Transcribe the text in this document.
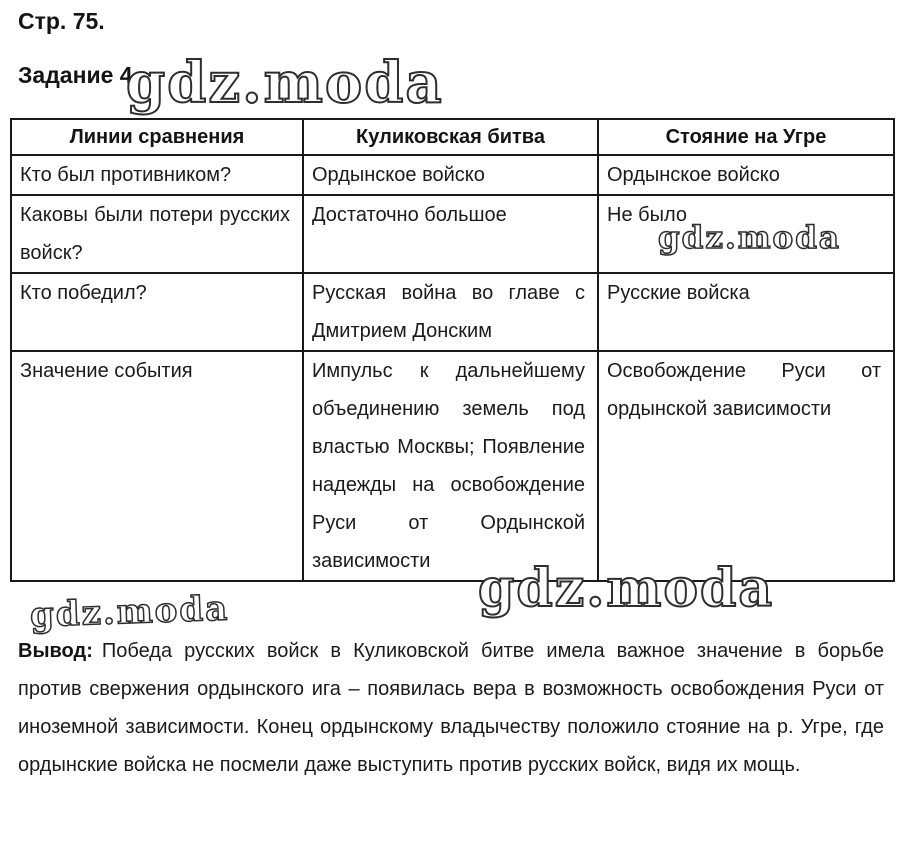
Стр. 75.
Задание 4.
gdz.moda
gdz.moda
gdz.moda
gdz.moda
Линии сравнения	Куликовская битва	Стояние на Угре
Кто был противником?	Ордынское войско	Ордынское войско
Каковы были потери русских войск?	Достаточно большое	Не было
Кто победил?	Русская война во главе с Дмитрием Донским	Русские войска
Значение события	Импульс к дальнейшему объединению земель под властью Москвы; Появление надежды на освобождение Руси от Ордынской зависимости	Освобождение Руси от ордынской зависимости

Вывод: Победа русских войск в Куликовской битве имела важное значение в борьбе против свержения ордынского ига – появилась вера в возможность освобождения Руси от иноземной зависимости. Конец ордынскому владычеству положило стояние на р. Угре, где ордынские войска не посмели даже выступить против русских войск, видя их мощь.
